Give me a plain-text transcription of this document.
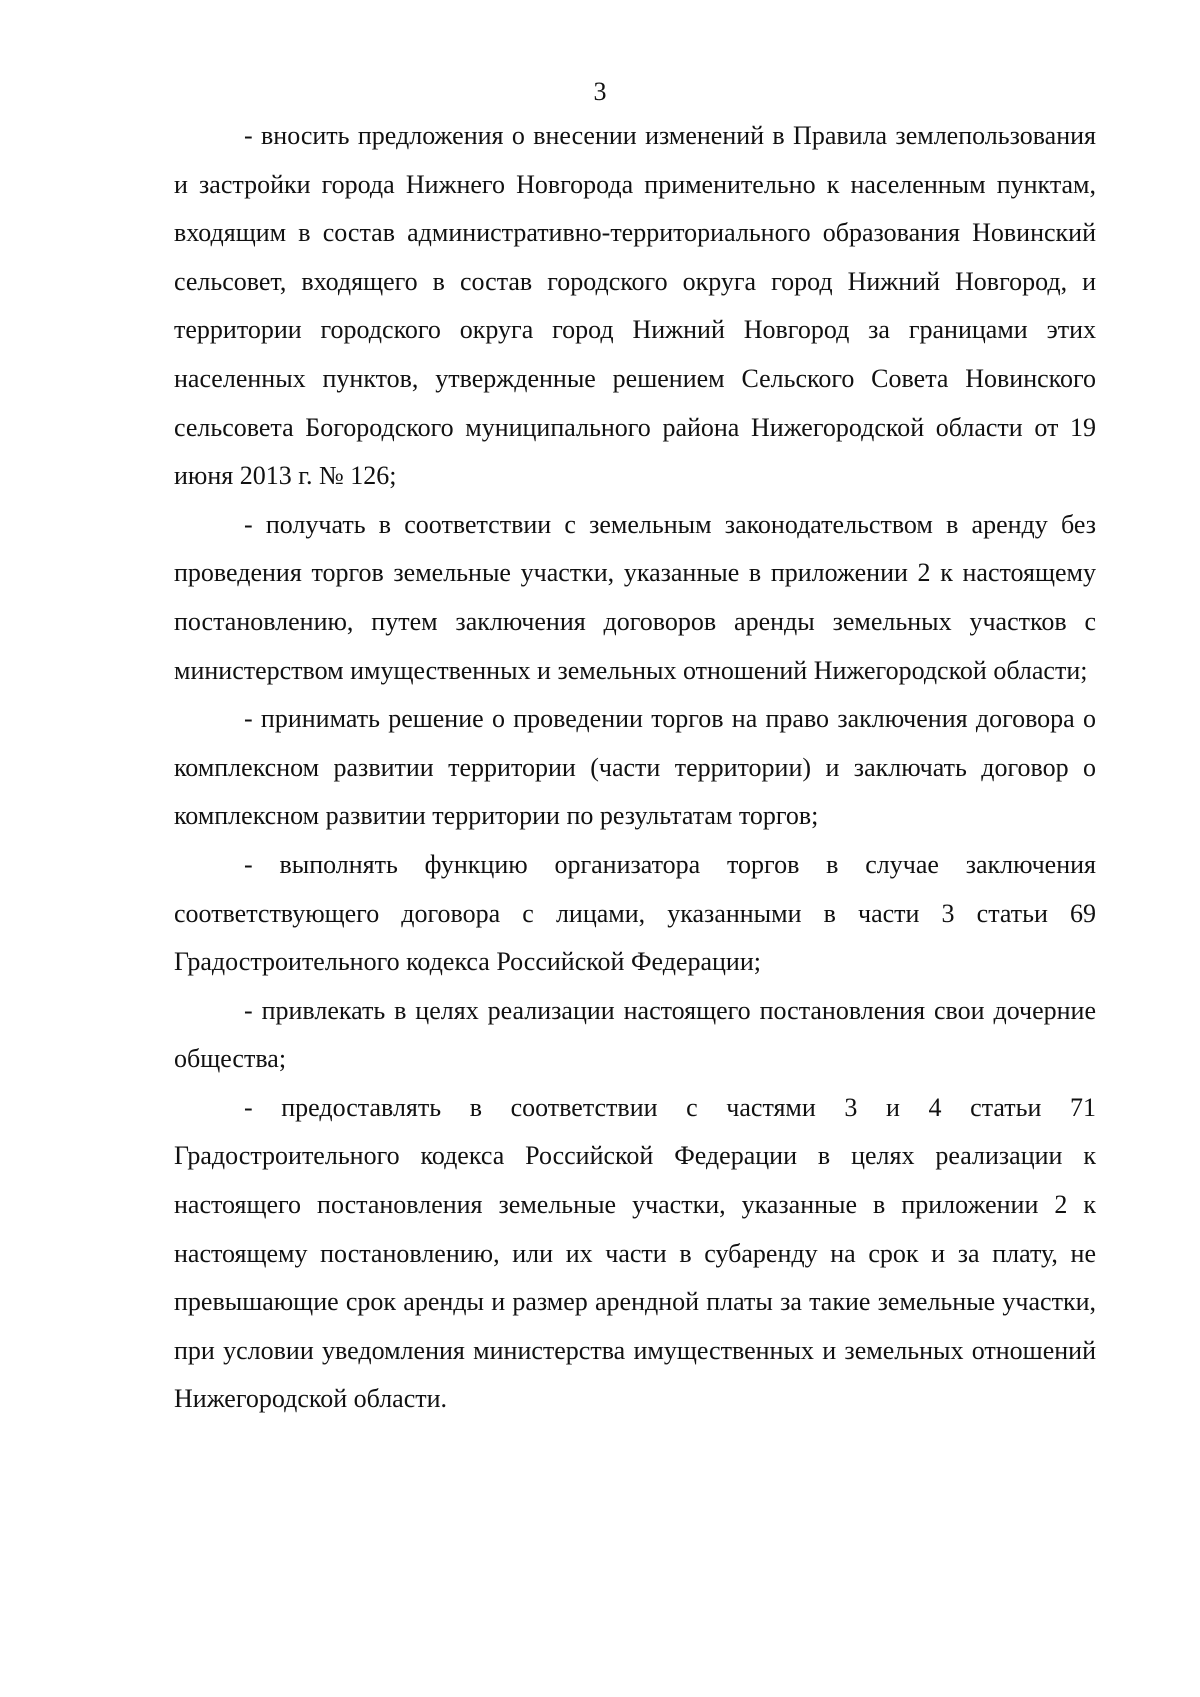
3

- вносить предложения о внесении изменений в Правила землепользования и застройки города Нижнего Новгорода применительно к населенным пунктам, входящим в состав административно-территориального образования Новинский сельсовет, входящего в состав городского округа город Нижний Новгород, и территории городского округа город Нижний Новгород за границами этих населенных пунктов, утвержденные решением Сельского Совета Новинского сельсовета Богородского муниципального района Нижегородской области от 19 июня 2013 г. № 126;

- получать в соответствии с земельным законодательством в аренду без проведения торгов земельные участки, указанные в приложении 2 к настоящему постановлению, путем заключения договоров аренды земельных участков с министерством имущественных и земельных отношений Нижегородской области;

- принимать решение о проведении торгов на право заключения договора о комплексном развитии территории (части территории) и заключать договор о комплексном развитии территории по результатам торгов;

- выполнять функцию организатора торгов в случае заключения соответствующего договора с лицами, указанными в части 3 статьи 69 Градостроительного кодекса Российской Федерации;

- привлекать в целях реализации настоящего постановления свои дочерние общества;

- предоставлять в соответствии с частями 3 и 4 статьи 71 Градостроительного кодекса Российской Федерации в целях реализации к настоящего постановления земельные участки, указанные в приложении 2 к настоящему постановлению, или их части в субаренду на срок и за плату, не превышающие срок аренды и размер арендной платы за такие земельные участки, при условии уведомления министерства имущественных и земельных отношений Нижегородской области.
